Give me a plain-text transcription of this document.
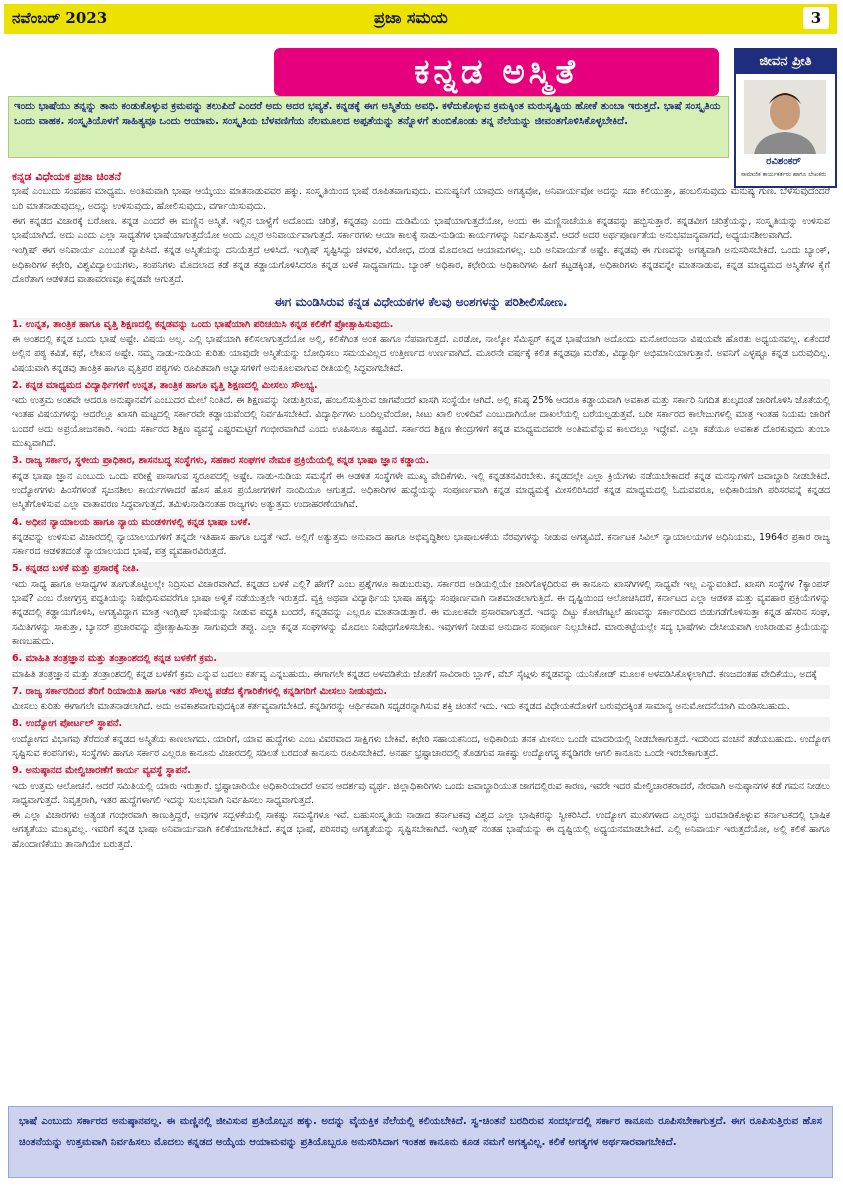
ನವೆಂಬರ್ 2023	ಪ್ರಜಾ ಸಮಯ	3
ಕನ್ನಡ ಅಸ್ಮಿತೆ	ಜೀವನ ಪ್ರೀತಿ
ರವಿಶಂಕರ್
ಸಾಮಾಜಿಕ ಕಾರ್ಯಕರ್ತರು ಹಾಗೂ ಲೇಖಕರು
ಇಂದು ಭಾಷೆಯು ತನ್ನನ್ನು ತಾನು ಕಂಡುಕೊಳ್ಳುವ ಕ್ರಮವನ್ನು ತಲುಪಿದೆ ಎಂದರೆ ಅದು ಅದರ ಭವ್ಯತೆ. ಕನ್ನಡಕ್ಕೆ ಈಗ ಅಸ್ಮಿತೆಯ ಅವಧಿ. ಕಳೆದುಕೊಳ್ಳುವ ಕ್ರಮಕ್ಕಿಂತ ಮರುಸೃಷ್ಟಿಯ ಹೋಕೆ ತುಂಬಾ ಇರುತ್ತದೆ. ಭಾಷೆ ಸಂಸ್ಕೃತಿಯ ಒಂದು ವಾಹಕ. ಸಂಸ್ಕೃತಿಯೊಳಗೆ ಸಾಹಿತ್ಯವೂ ಒಂದು ಆಯಾಮ. ಸಂಸ್ಕೃತಿಯ ಬೆಳವಣಿಗೆಯ ನೆಲಮೂಲದ ಅಪ್ಪತೆಯನ್ನು ತನ್ನೊಳಗೆ ತುಂಬಿಕೊಂಡು ತನ್ನ ನೆಲೆಯನ್ನು ಜೀವಂತಗೊಳಿಸಿಕೊಳ್ಳಬೇಕಿದೆ.
ಕನ್ನಡ ವಿಧೇಯಕ ಪ್ರಜಾ ಚಿಂತನೆ

ಭಾಷೆ ಎಂಬುದು ಸಂವಹನ ಮಾಧ್ಯಮ. ಅಂತಿಮವಾಗಿ ಭಾಷಾ ಆಯ್ಕೆಯು ಮಾತನಾಡುವವರ ಹಕ್ಕು. ಸಂಸ್ಕೃತಿಯಿಂದ ಭಾಷೆ ರೂಪಿತವಾಗುವುದು. ಮನುಷ್ಯನಿಗೆ ಯಾವುದು ಅಗತ್ಯವೋ, ಅನಿವಾರ್ಯವೋ ಅದನ್ನು ಸದಾ ಕಲಿಯುತ್ತಾ, ಹಂಬಲಿಸುವುದು ಮನುಷ್ಯ ಗುಣ. ಬೆಳೆಸುವುದೆಂದರೆ ಬರಿ ಮಾತನಾಡುವುದಲ್ಲ, ಅದನ್ನು ಉಳಿಸುವುದು, ಹೋಲಿಸುವುದು, ವರ್ಗಾಯಿಸುವುದು.

ಈಗ ಕನ್ನಡದ ವಿಚಾರಕ್ಕೆ ಬರೋಣ. ಕನ್ನಡ ಎಂದರೆ ಈ ಮಣ್ಣಿನ ಅಸ್ಮಿತೆ. ಇಲ್ಲಿನ ಬಾಳ್ವೆಗೆ ಅದೊಂದು ಚರಿತ್ರೆ, ಕನ್ನಡವು ಎಂದು ದುಡಿಮೆಯ ಭಾಷೆಯಾಗುತ್ತದೆಯೋ, ಅಂದು ಈ ಮಣ್ಣಿನಾಚೆಯೂ ಕನ್ನಡವನ್ನು ಹಬ್ಬಿಸುತ್ತಾರೆ. ಕನ್ನಡವೀಗ ಚರಿತ್ರೆಯನ್ನು, ಸಂಸ್ಕೃತಿಯನ್ನು ಉಳಿಸುವ ಭಾಷೆಯಾಗಿದೆ. ಅದು ಎಂದು ಎಲ್ಲಾ ಸಾಧ್ಯತೆಗಳ ಭಾಷೆಯಾಗುತ್ತದೆಯೋ ಅಂದು ಎಲ್ಲರ ಅನಿವಾರ್ಯವಾಗುತ್ತದೆ. ಸರ್ಕಾರಗಳು ಆಯಾ ಕಾಲಕ್ಕೆ ನಾಡು-ನುಡಿಯ ಕಾರ್ಯಗಳನ್ನು ನಿರ್ವಹಿಸುತ್ತವೆ. ಆದರೆ ಅದರ ಅರ್ಥಪೂರ್ಣತೆಯ ಅನುಭವಜನ್ಯವಾಗದೆ, ಅಧ್ಯಯನಶೀಲವಾಗಿದೆ.

ಇಂಗ್ಲಿಷ್ ಈಗ ಅನಿವಾರ್ಯ ಎಂಬಂತೆ ವ್ಯಾಪಿಸಿದೆ. ಕನ್ನಡ ಅಸ್ಮಿತೆಯನ್ನು ದನಿಯೆತ್ತದೆ ಆಳಿಸಿದೆ. ಇಂಗ್ಲಿಷ್ ಸೃಷ್ಟಿಸಿದ್ದು ಚಳವಳಿ, ವಿರೋಧ, ದಂಡ ಮೊದಲಾದ ಆಯಾಮಗಳಲ್ಲ. ಬರಿ ಅನಿವಾರ್ಯತೆ ಅಷ್ಟೇ. ಕನ್ನಡವು ಈ ಗುಣವನ್ನು ಅಗತ್ಯವಾಗಿ ಅನುಸರಿಸಬೇಕಿದೆ. ಒಂದು ಬ್ಯಾಂಕ್, ಅಧಿಕಾರಿಗಳ ಕಛೇರಿ, ವಿಶ್ವವಿದ್ಯಾಲಯಗಳು, ಕಂಪನಿಗಳು ಮೊದಲಾದ ಕಡೆ ಕನ್ನಡ ಕಡ್ಡಾಯಗೊಳಿಸಿದರೂ ಕನ್ನಡ ಬಳಕೆ ಸಾಧ್ಯವಾಗದು. ಬ್ಯಾಂಕ್ ಅಧಿಕಾರ, ಕಛೇರಿಯ ಅಧಿಕಾರಿಗಳು ಹೀಗೆ ಕಟ್ಟಡಕ್ಕಿಂತ, ಅಧಿಕಾರಿಗಳು ಕನ್ನಡವನ್ನೇ ಮಾತನಾಡುವ, ಕನ್ನಡ ಮಾಧ್ಯಮದ ಅಸ್ಮಿತೆಗಳ ಕೈಗೆ ದೊರೆತಾಗ ಆಡಳಿತದ ವಾತಾವರಣವೂ ಕನ್ನಡವೇ ಆಗುತ್ತದೆ.

ಈಗ ಮಂಡಿಸಿರುವ ಕನ್ನಡ ವಿಧೇಯಕಗಳ ಕೆಲವು ಅಂಶಗಳನ್ನು ಪರಿಶೀಲಿಸೋಣ.
1. ಉನ್ನತ, ತಾಂತ್ರಿಕ ಹಾಗೂ ವೃತ್ತಿ ಶಿಕ್ಷಣದಲ್ಲಿ ಕನ್ನಡವನ್ನು ಒಂದು ಭಾಷೆಯಾಗಿ ಪರಿಚಯಿಸಿ ಕನ್ನಡ ಕಲಿಕೆಗೆ ಪ್ರೋತ್ಸಾಹಿಸುವುದು.

ಈ ಅಂಶದಲ್ಲಿ ಕನ್ನಡ ಒಂದು ಭಾಷೆ ಅಷ್ಟೇ. ವಿಷಯ ಅಲ್ಲ. ಎಲ್ಲಿ ಭಾಷೆಯಾಗಿ ಕಲಿಸಲಾಗುತ್ತದೆಯೋ ಅಲ್ಲಿ, ಕಲಿಕೆಗಿಂತ ಅಂಕ ಹಾಗೂ ನೆಪವಾಗುತ್ತದೆ. ಎರಡೋ, ನಾಲ್ಕೋ ಸೆಮಿಸ್ಟರ್ ಕನ್ನಡ ಭಾಷೆಯಾಗಿ ಅದೊಂದು ಮನೋರಂಜನಾ ವಿಷಯವೇ ಹೊರತು ಅಧ್ಯಯನವಲ್ಲ. ಏಕೆಂದರೆ ಅಲ್ಲಿನ ಪಠ್ಯ ಕವಿತೆ, ಕಥೆ, ಲೇಖನ ಅಷ್ಟೇ. ನಮ್ಮ ನಾಡು-ನುಡಿಯ ಕುರಿತು ಯಾವುದೇ ಅಸ್ಮಿತೆಯನ್ನು ಬೋಧಿಸಲು ಸಮಯವಿಲ್ಲದ ಉತ್ತೀರ್ಣದ ಉರ್ಣವಾಗಿದೆ. ಮೂರನೇ ವರ್ಷಕ್ಕೆ ಕಲಿತ ಕನ್ನಡವೂ ಮರೆತು, ವಿದ್ಯಾರ್ಥಿ ಅಭಿಮಾನಿಯಾಗುತ್ತಾನೆ. ಅವನಿಗೆ ಎಳ್ಳಷ್ಟೂ ಕನ್ನಡ ಬರುವುದಿಲ್ಲ. ವಿಷಯವಾಗಿ ಕನ್ನಡವು ತಾಂತ್ರಿಕ ಹಾಗೂ ವೃತ್ತಿಪರ ಪಠ್ಯಗಳು ರೂಪಿತವಾಗಿ ಅಭ್ಯಾಸಗಳಿಗೆ ಅನುಕೂಲವಾಗುವ ರೀತಿಯಲ್ಲಿ ಸಿದ್ಧವಾಗಬೇಕಿದೆ.

2. ಕನ್ನಡ ಮಾಧ್ಯಮದ ವಿದ್ಯಾರ್ಥಿಗಳಿಗೆ ಉನ್ನತ, ತಾಂತ್ರಿಕ ಹಾಗೂ ವೃತ್ತಿ ಶಿಕ್ಷಣದಲ್ಲಿ ಮೀಸಲು ಸೌಲಭ್ಯ.

ಇದು ಉತ್ತಮ ಅಂಶವೇ ಆದರೂ ಅನುಷ್ಠಾನವೆಗೆ ಎಂಬುದರ ಮೇಲೆ ನಿಂತಿದೆ. ಈ ಶಿಕ್ಷಣವನ್ನು ನೀಡುತ್ತಿರುವ, ಹಂಬಲಿಸುತ್ತಿರುವ ಜಾಗವೆಂದರೆ ಖಾಸಗಿ ಸಂಸ್ಥೆಯೇ ಆಗಿದೆ. ಅಲ್ಲಿ ಕನಿಷ್ಠ 25% ಆದರೂ ಕಡ್ಡಾಯವಾಗಿ ಅವಕಾಶ ಮತ್ತು ಸರ್ಕಾರಿ ನಿಗದಿತ ಶುಲ್ಕದಂತೆ ಜಾರಿಗೊಳಿಸಿ ಜೊತೆಯಲ್ಲಿ ಇಂತಹ ವಿಷಯಗಳನ್ನು ಆದರೆಲ್ಲೂ ಖಾಸಗಿ ಮಟ್ಟದಲ್ಲಿ ಸರ್ಕಾರವೇ ಕಡ್ಡಾಯವೆಂದಲ್ಲಿ ನಿರ್ವಹಿಸಬೇಕಿದೆ. ವಿದ್ಯಾರ್ಥಿಗಳು ಬಂದಿಲ್ಲವೆಂದೋ, ಸೀಟು ಖಾಲಿ ಉಳಿದಿವೆ ಎಂಬುದಾಗಿಯೋ ದಾಖಲೆಯಲ್ಲಿ ಬರೆಯಲ್ಪಡುತ್ತವೆ. ಬರೀ ಸರ್ಕಾರದ ಕಾಲೇಜುಗಳಲ್ಲಿ ಮಾತ್ರ ಇಂತಹ ನಿಯಮ ಜಾರಿಗೆ ಬಂದರೆ ಅದು ಅಪ್ರಯೋಜನಕಾರಿ. ಇಂದು ಸರ್ಕಾರದ ಶಿಕ್ಷಣ ವ್ಯವಸ್ಥೆ ಎಷ್ಟರಮಟ್ಟಿಗೆ ಗಂಭೀರವಾಗಿದೆ ಎಂದು ಊಹಿಸಲೂ ಕಷ್ಟವಿದೆ. ಸರ್ಕಾರದ ಶಿಕ್ಷಣ ಕೇಂದ್ರಗಳಿಗೆ ಕನ್ನಡ ಮಾಧ್ಯಮದವರೇ ಅಂತಿಮವೆನ್ನುವ ಕಾಲದಲ್ಲೂ ಇದ್ದೇವೆ. ಎಲ್ಲಾ ಕಡೆಯೂ ಅವಕಾಶ ದೊರಕುವುದು ತುಂಬಾ ಮುಖ್ಯವಾಗಿದೆ.

3. ರಾಜ್ಯ ಸರ್ಕಾರ, ಸ್ಥಳೀಯ ಪ್ರಾಧಿಕಾರ, ಶಾಸನಬದ್ಧ ಸಂಸ್ಥೆಗಳು, ಸಹಕಾರ ಸಂಘಗಳ ನೇಮಕ ಪ್ರಕ್ರಿಯೆಯಲ್ಲಿ ಕನ್ನಡ ಭಾಷಾ ಜ್ಞಾನ ಕಡ್ಡಾಯ.

ಕನ್ನಡ ಭಾಷಾ ಜ್ಞಾನ ಎಂಬುದು ಒಂದು ಪರೀಕ್ಷೆ ಪಾಸಾಗುವ ಸ್ವರೂಪದಲ್ಲಿ ಅಷ್ಟೇ. ನಾಡು-ನುಡಿಯ ಸಮಸ್ಯೆಗೆ ಈ ಆಡಳಿತ ಸಂಸ್ಥೆಗಳೇ ಮುಖ್ಯ ವೇದಿಕೆಗಳು. ಇಲ್ಲಿ ಕನ್ನಡತನವಿರಬೇಕು. ಕನ್ನಡದಲ್ಲೇ ಎಲ್ಲಾ ಕ್ರಿಯೆಗಳು ನಡೆಯಬೇಕಾದರೆ ಕನ್ನಡ ಮನಸ್ಸುಗಳಿಗೆ ಜವಾಬ್ದಾರಿ ನೀಡಬೇಕಿದೆ. ಉದ್ಯೋಗಗಳು ಹಿಂಸೆಗಳಂತೆ ಸೃಜನಶೀಲ ಕಾರ್ಯಗಳಾದರೆ ಹೊಸ ಹೊಸ ಪ್ರಯೋಗಗಳಿಗೆ ನಾಂದಿಯೂ ಆಗುತ್ತದೆ. ಅಧಿಕಾರಿಗಳ ಹುದ್ದೆಯನ್ನು ಸಂಪೂರ್ಣವಾಗಿ ಕನ್ನಡ ಮಾಧ್ಯಮಕ್ಕೆ ಮೀಸಲಿರಿಸಿದರೆ ಕನ್ನಡ ಮಾಧ್ಯಮದಲ್ಲಿ ಓದುವವರೂ, ಅಧಿಕಾರಿಯಾಗಿ ಪರಿಸರವನ್ನೆ ಕನ್ನಡದ ಅಸ್ಮಿತೆಗೊಳಿಸುವ ಎಲ್ಲಾ ವಾತಾವರಣ ಸಿದ್ಧವಾಗುತ್ತದೆ. ತಮಿಳುನಾಡಿನಂತಹ ರಾಜ್ಯಗಳು ಅತ್ಯುತ್ತಮ ಉದಾಹರಣೆಯಾಗಿವೆ.

4. ಅಧೀನ ನ್ಯಾಯಾಲಯ ಹಾಗೂ ನ್ಯಾಯ ಮಂಡಳಿಗಳಲ್ಲಿ ಕನ್ನಡ ಭಾಷಾ ಬಳಕೆ.

ಕನ್ನಡವನ್ನು ಉಳಿಸುವ ವಿಚಾರದಲ್ಲಿ ನ್ಯಾಯಾಲಯಗಳಿಗೆ ತನ್ನದೇ ಇತಿಹಾಸ ಹಾಗೂ ಬದ್ಧತೆ ಇದೆ. ಅಲ್ಲಿಗೆ ಅತ್ಯುತ್ತಮ ಅನುವಾದ ಹಾಗೂ ಅಭಿವೃದ್ಧಿಶೀಲ ಭಾಷಾಬಳಕೆಯ ನೆರವುಗಳನ್ನು ನೀಡುವ ಅಗತ್ಯವಿದೆ. ಕರ್ನಾಟಕ ಸಿವಿಲ್ ನ್ಯಾಯಾಲಯಗಳ ಅಧಿನಿಯಮ, 1964ರ ಪ್ರಕಾರ ರಾಜ್ಯ ಸರ್ಕಾರದ ಆಡಳಿತದಂತೆ ನ್ಯಾಯಾಲಯದ ಭಾಷೆ, ಪತ್ರ ವ್ಯವಹಾರವಿರುತ್ತದೆ.

5. ಕನ್ನಡದ ಬಳಕೆ ಮತ್ತು ಪ್ರಸಾರಕ್ಕೆ ನೀತಿ.

ಇದು ಸಾಧ್ಯ ಹಾಗೂ ಅಸಾಧ್ಯಗಳ ತೂಗುತೊಟ್ಟಿಲಲ್ಲೇ ನಿದ್ರಿಸುವ ವಿಚಾರವಾಗಿದೆ. ಕನ್ನಡದ ಬಳಕೆ ಎಲ್ಲಿ? ಹೇಗೆ? ಎಂಬ ಪ್ರಶ್ನೆಗಳೂ ಕಾಡುಬರುವು. ಸರ್ಕಾರದ ಅಡಿಯಲ್ಲಿಯೇ ಜಾರಿಗೊಳ್ಳದಿರುವ ಈ ಕಾನೂನು ಖಾಸಗಿಗಳಲ್ಲಿ ಸಾಧ್ಯವೇ ಇಲ್ಲ ಎನ್ನುವಂತಿದೆ. ಖಾಸಗಿ ಸಂಸ್ಥೆಗಳ ?ಕ್ಯಾಂಪಸ್ ಭಾಷೆ? ಎಂಬ ರೋಗಗ್ರಸ್ತ ಪದ್ಧತಿಯನ್ನು ನಿಷೇಧಿಸುವವರೆಗೂ ಭಾಷಾ ಅಳ್ವಿಕೆ ನಡೆಯುತ್ತಲೇ ಇರುತ್ತದೆ. ವ್ಯಕ್ತಿ ಅಥವಾ ವಿದ್ಯಾರ್ಥಿಯ ಭಾಷಾ ಹಕ್ಕನ್ನು ಸಂಪೂರ್ಣವಾಗಿ ನಾಶಮಾಡಲಾಗುತ್ತಿದೆ. ಈ ದೃಷ್ಟಿಯಿಂದ ಆಲೋಚಿಸಿದರೆ, ಕರ್ನಾಟದ ಎಲ್ಲಾ ಆಡಳಿತ ಮತ್ತು ವ್ಯವಹಾರ ಪ್ರಕ್ರಿಯೆಗಳನ್ನು ಕನ್ನಡದಲ್ಲಿ ಕಡ್ಡಾಯಗೊಳಿಸಿ, ಅಗತ್ಯವಿದ್ದಾಗ ಮಾತ್ರ ಇಂಗ್ಲಿಷ್ ಭಾಷೆಯನ್ನು ನೀಡುವ ಪದ್ಧತಿ ಬಂದರೆ, ಕನ್ನಡವನ್ನು ಎಲ್ಲರೂ ಮಾತನಾಡುತ್ತಾರೆ. ಈ ಮೂಲಕವೇ ಪ್ರಸಾರವಾಗುತ್ತದೆ. ಇದನ್ನು ದಿಟ್ಟು ಕೋಟೆಗಟ್ಟಲೆ ಹಣವನ್ನು ಸರ್ಕಾರದಿಂದ ಬಿಡುಗಡೆಗೊಳಿಸುತ್ತಾ ಕನ್ನಡ ಹೆಸರಿನ ಸಂಘ, ಸಮಿತಿಗಳನ್ನು ಸಾಕುತ್ತಾ, ಬ್ಯಾನರ್ ಪ್ರಚಾರವನ್ನು ಪ್ರೋತ್ಸಾಹಿಸುತ್ತಾ ಸಾಗುವುದೇ ತಪ್ಪು. ಎಲ್ಲಾ ಕನ್ನಡ ಸಂಘಗಳನ್ನು ಮೊದಲು ನಿಷೇಧಗೊಳಿಸಬೇಕು. ಇವುಗಳಿಗೆ ನೀಡುವ ಅನುದಾನ ಸಂಪೂರ್ಣ ನಿಲ್ಲಬೇಕಿದೆ. ಮಾರುಕಟ್ಟೆಯಲ್ಲೇ ಸದ್ಯ ಭಾಷೆಗಳು ದೇಸೀಯವಾಗಿ ಉಸಿರಾಡುವ ಕ್ರಿಯೆಯನ್ನು ಕಾಣಬಹುದು.

6. ಮಾಹಿತಿ ತಂತ್ರಜ್ಞಾನ ಮತ್ತು ತಂತ್ರಾಂಶದಲ್ಲಿ ಕನ್ನಡ ಬಳಕೆಗೆ ಕ್ರಮ.

ಮಾಹಿತಿ ತಂತ್ರಜ್ಞಾನ ಮತ್ತು ತಂತ್ರಾಂಶದಲ್ಲಿ ಕನ್ನಡ ಬಳಕೆಗೆ ಕ್ರಮ ಎನ್ನುವ ಬದಲು ಕರ್ತವ್ಯ ಎನ್ನಬಹುದು. ಈಗಾಗಲೇ ಕನ್ನಡದ ಅಳವಡಿಕೆಯ ಜೊತೆಗೆ ಸಾವಿರಾರು ಬ್ಲಾಗ್, ವೆಬ್ ಸೈಟ್ಗಳು ಕನ್ನಡವನ್ನು ಯುನಿಕೋಡ್ ಮೂಲಕ ಅಳವಡಿಸಿಕೊಳ್ಳಲಾಗಿದೆ. ಕಣಜದಂತಹ ವೇದಿಕೆಯು, ಅದಕ್ಕೆ

7. ರಾಜ್ಯ ಸರ್ಕಾರದಿಂದ ತೆರಿಗೆ ರಿಯಾಯಿತಿ ಹಾಗೂ ಇತರ ಸೌಲಭ್ಯ ಪಡೆದ ಕೈಗಾರಿಕೆಗಳಲ್ಲಿ ಕನ್ನಡಿಗರಿಗೆ ಮೀಸಲು ನೀಡುವುದು.

ಮೀಸಲು ಕುರಿತು ಈಗಾಗಲೇ ಮಾತನಾಡಲಾಗಿದೆ. ಅದು ಅವಕಾಶವಾಗುವುದಕ್ಕಿಂತ ಕರ್ತವ್ಯವಾಗಬೇಕಿದೆ. ಕನ್ನಡಿಗರನ್ನು ಆರ್ಥಿಕವಾಗಿ ಸಧೃಡರನ್ನಾಗಿಸುವ ಶಕ್ತಿ ಚಿಂತನೆ ಇದು. ಇದು ಕನ್ನಡದ ವಿಧೇಯಕದೊಳಗೆ ಬರುವುದಕ್ಕಿಂತ ಸಾಮಾನ್ಯ ಅನುಮೋದನೆಯಾಗಿ ಮಂಡಿಸಬಹುದು.

8. ಉದ್ಯೋಗ ಪೋರ್ಟಲ್ ಸ್ಥಾಪನೆ.

ಉದ್ಯೋಗದ ವಿಭಾಗವು ತೆರೆದಂತೆ ಕನ್ನಡದ ಅಸ್ಮಿತೆಯ ಕಾಣಲಾಗದು. ಯಾರಿಗೆ, ಯಾವ ಹುದ್ದೆಗಳು ಎಂಬ ವಿವರವಾದ ಸಾಕ್ಷಿಗಳು ಬೇಕಿವೆ. ಕಛೇರಿ ಸಹಾಯಕನಿಂದ, ಅಧಿಕಾರಿಯ ತನಕ ಮೀಸಲು ಒಂದೇ ಮಾದರಿಯಲ್ಲಿ ನೀಡಬೇಕಾಗುತ್ತದೆ. ಇದರಿಂದ ವಂಚನೆ ತಡೆಯಬಹುದು. ಉದ್ಯೋಗ ಸೃಷ್ಟಿಸುವ ಕಂಪನಿಗಳು, ಸಂಸ್ಥೆಗಳು ಹಾಗೂ ಸರ್ಕಾರ ಎಲ್ಲರೂ ಕಾನೂನು ವಿಚಾರದಲ್ಲಿ ಸಡಿಲತೆ ಬರದಂತೆ ಕಾನೂನು ರೂಪಿಸಬೇಕಿದೆ. ಅನರ್ಹ ಭ್ರಷ್ಟಾಚಾರದಲ್ಲಿ ತೊಡಗುವ ಸಾಕಷ್ಟು ಉದ್ಯೋಗಸ್ಥ ಕನ್ನಡಿಗರೇ ಆಗಲಿ ಕಾನೂನು ಒಂದೇ ಇರಬೇಕಾಗುತ್ತದೆ.

9. ಅನುಷ್ಠಾನದ ಮೇಲ್ವಿಚಾರಣೆಗೆ ಕಾರ್ಯ ವ್ಯವಸ್ಥೆ ಸ್ಥಾಪನೆ.

ಇದು ಉತ್ತಮ ಆಲೋಚನೆ. ಆದರೆ ಸಮಿತಿಯಲ್ಲಿ ಯಾರು ಇರುತ್ತಾರೆ. ಭ್ರಷ್ಟಾಚಾರಿಯೇ ಅಧಿಕಾರಿಯಾದರೆ ಅವನ ಆದರ್ಶವು ವ್ಯರ್ಥ. ಜಿಲ್ಲಾಧಿಕಾರಿಗಳು ಒಂದು ಜವಾಬ್ದಾರಿಯುತ ಜಾಗದಲ್ಲಿರುವ ಕಾರಣ, ಇವರೇ ಇದರ ಮೇಲ್ವಿಚಾರಕರಾದರೆ, ನೇರವಾಗಿ ಅನುಷ್ಠಾನಗಳ ಕಡೆ ಗಮನ ನೀಡಲು ಸಾಧ್ಯವಾಗುತ್ತದೆ. ನಿವೃತ್ತರಾಗಿ, ಇತರ ಹುದ್ದೆಗಳಾಗಲಿ ಇದನ್ನು ಸುಲಭವಾಗಿ ನಿರ್ವಹಿಸಲು ಸಾಧ್ಯವಾಗುತ್ತದೆ.

ಈ ಎಲ್ಲಾ ವಿಚಾರಗಳು ಅತ್ಯಂತ ಗಂಭೀರವಾಗಿ ಕಾಣುತ್ತಿದ್ದರೆ, ಅವುಗಳ ಸದ್ಬಳಕೆಯಲ್ಲಿ ಸಾಕಷ್ಟು ಸಮಸ್ಯೆಗಳೂ ಇವೆ. ಬಹುಸಂಸ್ಕೃತಿಯ ನಾಡಾದ ಕರ್ನಾಟಕವು ವಿಶ್ವದ ಎಲ್ಲಾ ಭಾಷಿಕರನ್ನು ಸ್ವೀಕರಿಸಿದೆ. ಉದ್ಯೋಗ ಮುಖಿಗಳಾದ ಎಲ್ಲರನ್ನು ಬರಮಾಡಿಕೊಳ್ಳುವ ಕರ್ನಾಟಕದಲ್ಲಿ ಭಾಷಿಕ ಆಗತ್ಯತೆಯು ಮುಖ್ಯವಲ್ಲ. ಇವರಿಗೆ ಕನ್ನಡ ಭಾಷಾ ಅನಿವಾರ್ಯವಾಗಿ ಕಲಿಕೆಯಾಗಬೇಕಿದೆ. ಕನ್ನಡ ಭಾಷೆ, ಪರಿಸರವು ಅಗತ್ಯತೆಯನ್ನು ಸೃಷ್ಟಿಸಬೇಕಾಗಿದೆ. ಇಂಗ್ಲಿಷ್ ನಂತಹ ಭಾಷೆಯನ್ನು ಈ ದೃಷ್ಟಿಯಲ್ಲಿ ಅಧ್ಯಯನಮಾಡಬೇಕಿದೆ. ಎಲ್ಲಿ ಅನಿವಾರ್ಯ ಇರುತ್ತದೆಯೋ, ಅಲ್ಲಿ ಕಲಿಕೆ ಹಾಗೂ ಹೊಂದಾಣಿಕೆಯು ತಾನಾಗಿಯೇ ಬರುತ್ತದೆ.

ಭಾಷೆ ಎಂಬುದು ಸರ್ಕಾರದ ಅನುಷ್ಠಾನವಲ್ಲ. ಈ ಮಣ್ಣಿನಲ್ಲಿ ಜೀವಿಸುವ ಪ್ರತಿಯೊಬ್ಬನ ಹಕ್ಕು. ಅದನ್ನು ವೈಯಕ್ತಿಕ ನೆಲೆಯಲ್ಲಿ ಕಲಿಯಬೇಕಿದೆ. ಸ್ವ-ಚಿಂತನೆ ಬರದಿರುವ ಸಂದರ್ಭದಲ್ಲಿ ಸರ್ಕಾರ ಕಾನೂನು ರೂಪಿಸಬೇಕಾಗುತ್ತದೆ. ಈಗ ರೂಪಿಸುತ್ತಿರುವ ಹೊಸ ಚಿಂತನೆಯನ್ನು ಉತ್ತಮವಾಗಿ ನಿರ್ವಹಿಸಲು ಮೊದಲು ಕನ್ನಡದ ಅಯ್ಕೆಯ ಆಯಾಮವನ್ನು ಪ್ರತಿಯೊಬ್ಬರೂ ಅನುಸರಿಸಿದಾಗ ಇಂತಹ ಕಾನೂನು ಕೂಡ ನಮಗೆ ಅಗತ್ಯವಿಲ್ಲ. ಕಲಿಕೆ ಅಗತ್ಯಗಳ ಅರ್ಥಸಾರವಾಗಬೇಕಿದೆ.
